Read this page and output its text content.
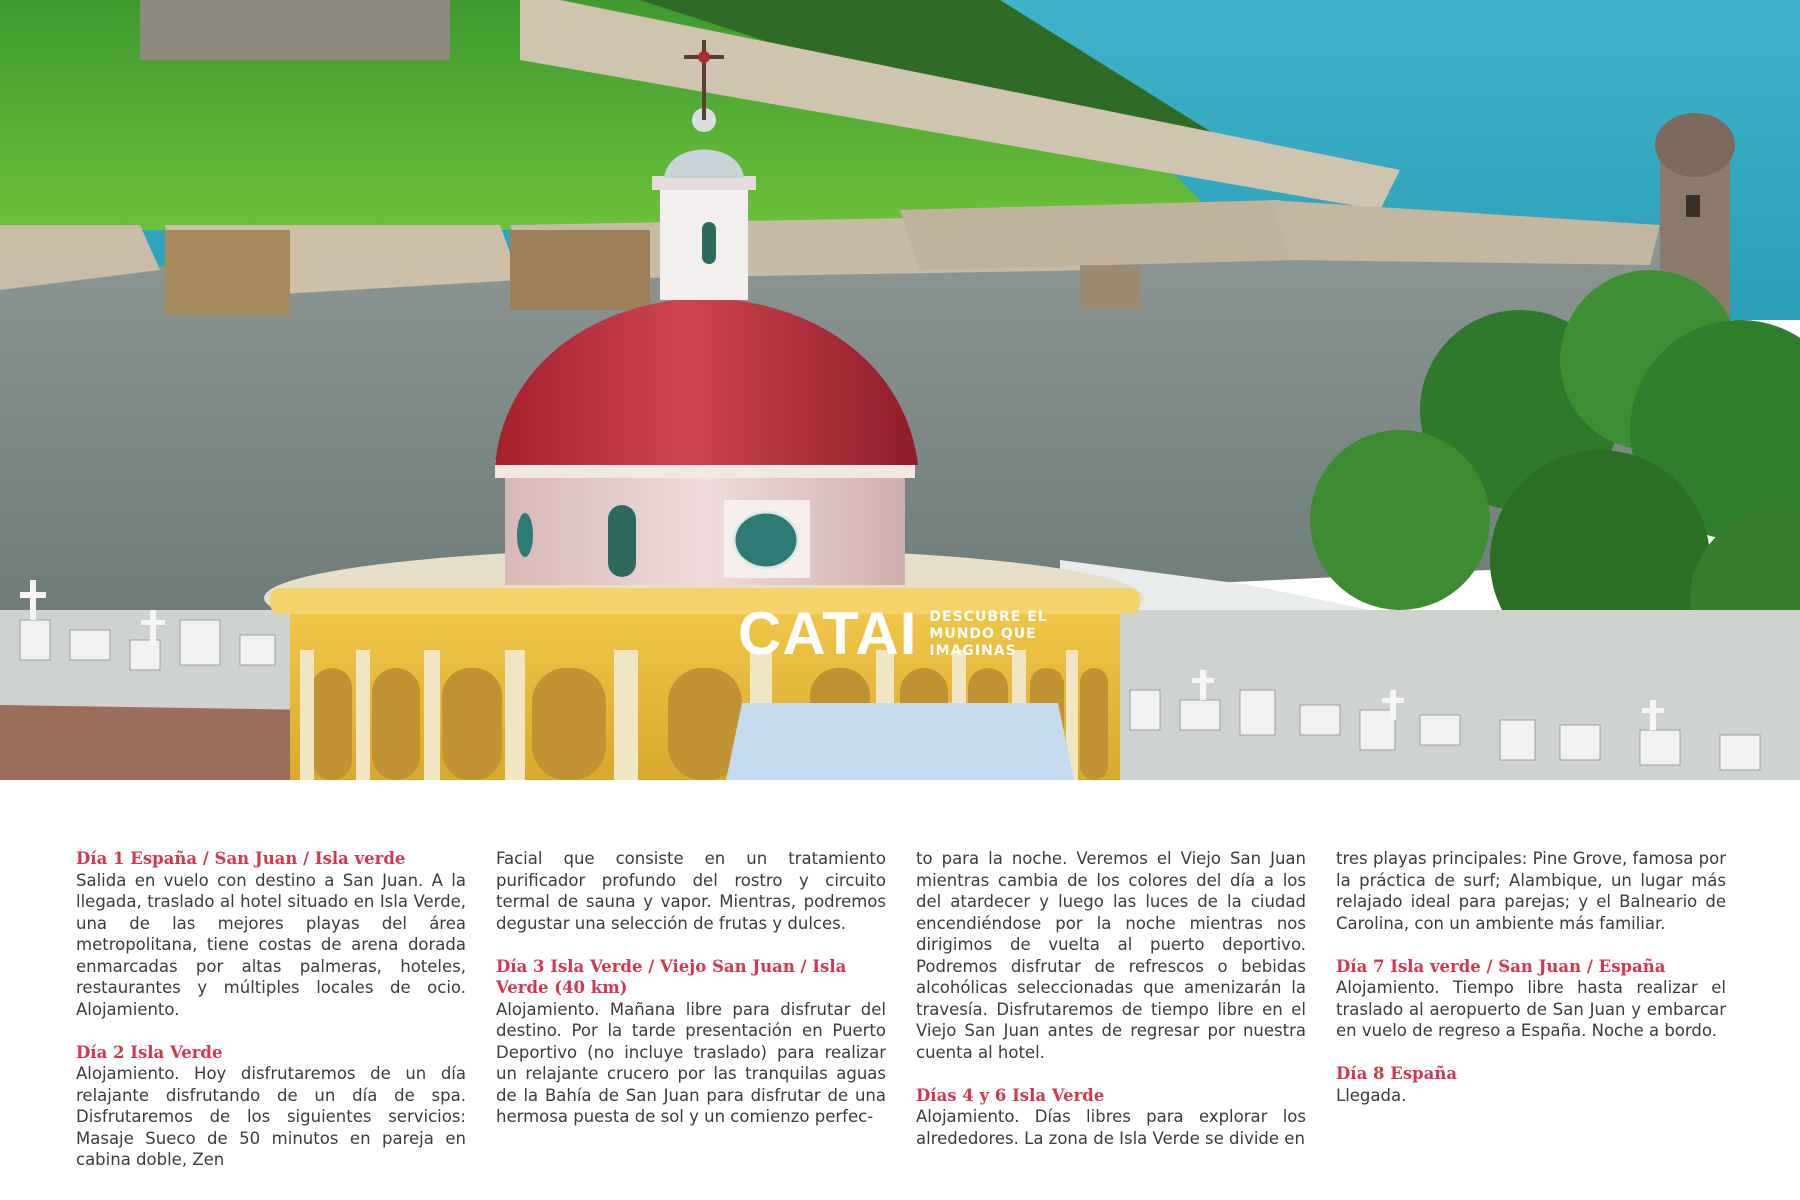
CATAI DESCUBRE EL
MUNDO QUE
IMAGINAS

Día 1 España / San Juan / Isla verde

Salida en vuelo con destino a San Juan. A la llegada, traslado al hotel situado en Isla Verde, una de las mejores playas del área metropolitana, tiene costas de arena dorada enmarcadas por altas palmeras, hoteles, restaurantes y múltiples locales de ocio. Alojamiento.

Día 2 Isla Verde

Alojamiento. Hoy disfrutaremos de un día relajante disfrutando de un día de spa. Disfrutaremos de los siguientes servicios: Masaje Sueco de 50 minutos en pareja en cabina doble, Zen

Facial que consiste en un tratamiento purificador profundo del rostro y circuito termal de sauna y vapor. Mientras, podremos degustar una selección de frutas y dulces.

Día 3 Isla Verde / Viejo San Juan / Isla Verde (40 km)

Alojamiento. Mañana libre para disfrutar del destino. Por la tarde presentación en Puerto Deportivo (no incluye traslado) para realizar un relajante crucero por las tranquilas aguas de la Bahía de San Juan para disfrutar de una hermosa puesta de sol y un comienzo perfec-

to para la noche. Veremos el Viejo San Juan mientras cambia de los colores del día a los del atardecer y luego las luces de la ciudad encendiéndose por la noche mientras nos dirigimos de vuelta al puerto deportivo. Podremos disfrutar de refrescos o bebidas alcohólicas seleccionadas que amenizarán la travesía. Disfrutaremos de tiempo libre en el Viejo San Juan antes de regresar por nuestra cuenta al hotel.

Días 4 y 6 Isla Verde

Alojamiento. Días libres para explorar los alrededores. La zona de Isla Verde se divide en

tres playas principales: Pine Grove, famosa por la práctica de surf; Alambique, un lugar más relajado ideal para parejas; y el Balneario de Carolina, con un ambiente más familiar.

Día 7 Isla verde / San Juan / España

Alojamiento. Tiempo libre hasta realizar el traslado al aeropuerto de San Juan y embarcar en vuelo de regreso a España. Noche a bordo.

Día 8 España

Llegada.
